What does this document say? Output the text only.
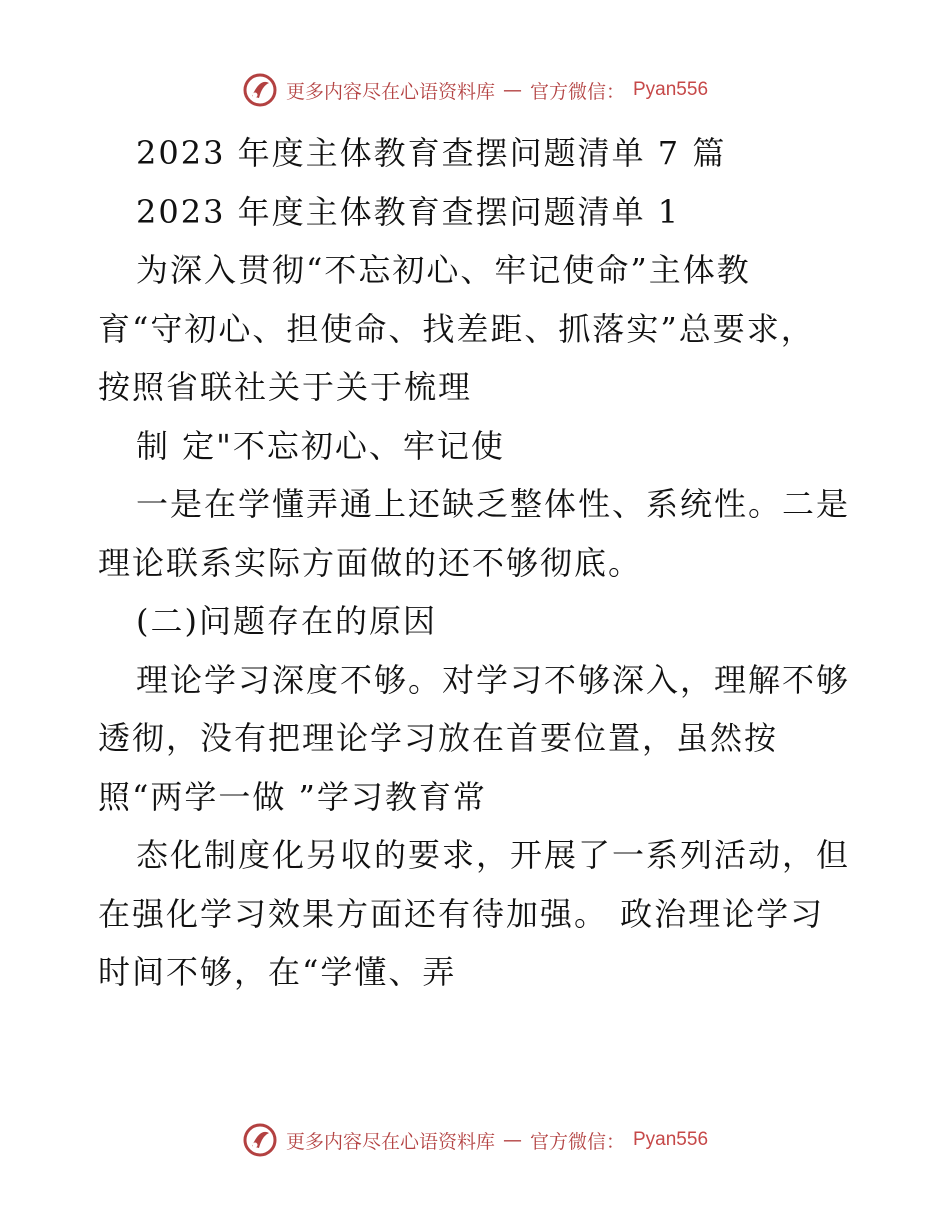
更多内容尽在心语资料库 — 官方微信： Pyan556
2023 年度主体教育查摆问题清单 7 篇
2023 年度主体教育查摆问题清单 1
为深入贯彻“不忘初心、牢记使命”主体教
育“守初心、担使命、找差距、抓落实”总要求，
按照省联社关于关于梳理
制 定"不忘初心、牢记使
一是在学懂弄通上还缺乏整体性、系统性。二是
理论联系实际方面做的还不够彻底。
(二)问题存在的原因
理论学习深度不够。对学习不够深入，理解不够
透彻，没有把理论学习放在首要位置，虽然按
照“两学一做 ”学习教育常
态化制度化另収的要求，开展了一系列活动，但
在强化学习效果方面还有待加强。 政治理论学习
时间不够，在“学懂、弄
更多内容尽在心语资料库 — 官方微信： Pyan556
